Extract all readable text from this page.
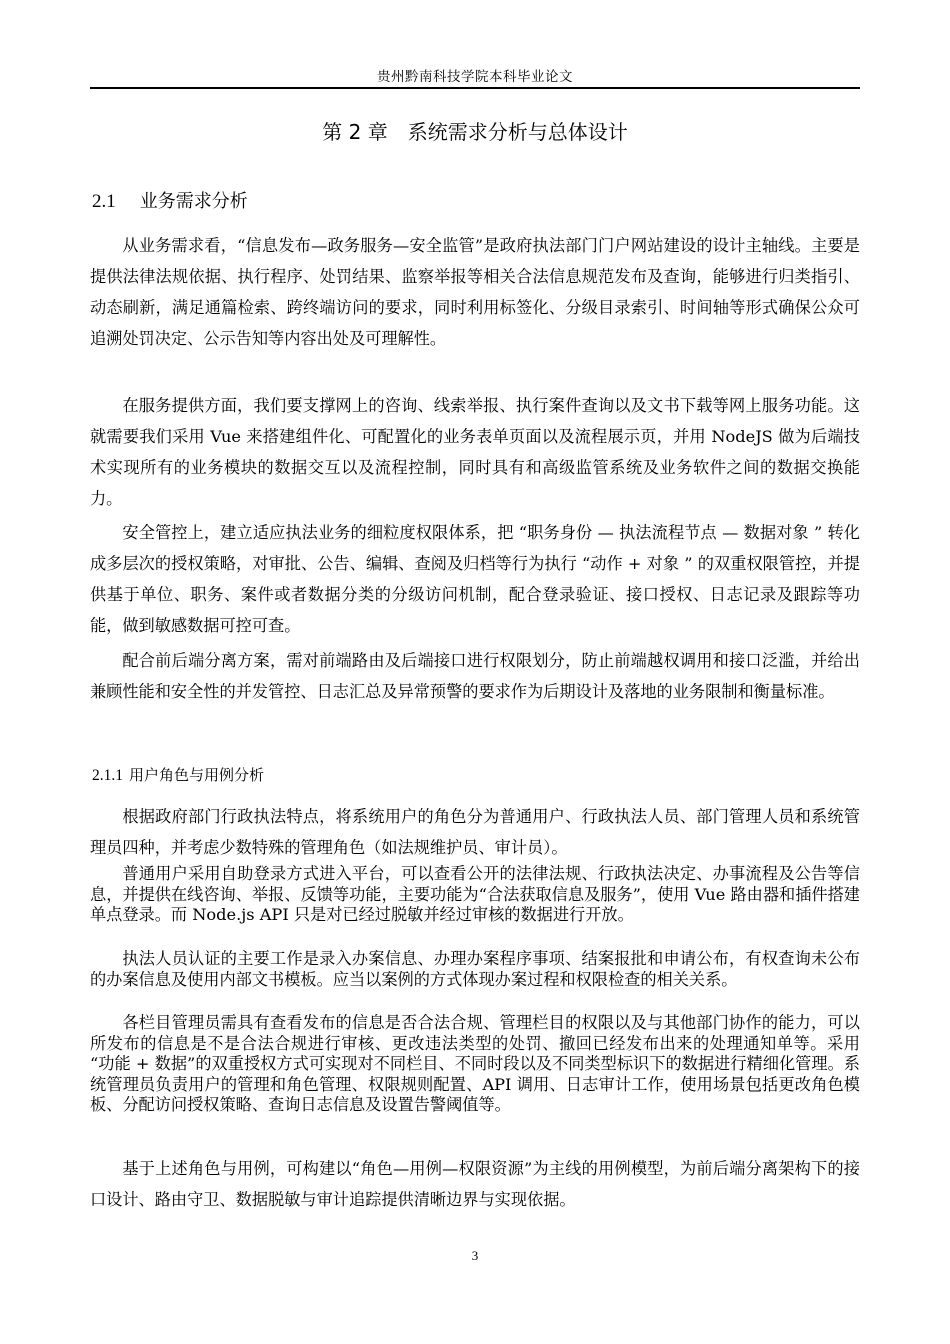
贵州黔南科技学院本科毕业论文
第 2 章　系统需求分析与总体设计
2.1 业务需求分析

从业务需求看，“信息发布—政务服务—安全监管”是政府执法部门门户网站建设的设计主轴线。主要是提供法律法规依据、执行程序、处罚结果、监察举报等相关合法信息规范发布及查询，能够进行归类指引、动态刷新，满足通篇检索、跨终端访问的要求，同时利用标签化、分级目录索引、时间轴等形式确保公众可追溯处罚决定、公示告知等内容出处及可理解性。

在服务提供方面，我们要支撑网上的咨询、线索举报、执行案件查询以及文书下载等网上服务功能。这就需要我们采用 Vue 来搭建组件化、可配置化的业务表单页面以及流程展示页，并用 NodeJS 做为后端技术实现所有的业务模块的数据交互以及流程控制，同时具有和高级监管系统及业务软件之间的数据交换能力。

安全管控上，建立适应执法业务的细粒度权限体系，把 “职务身份 — 执法流程节点 — 数据对象 ” 转化成多层次的授权策略，对审批、公告、编辑、查阅及归档等行为执行 “动作 + 对象 ” 的双重权限管控，并提供基于单位、职务、案件或者数据分类的分级访问机制，配合登录验证、接口授权、日志记录及跟踪等功能，做到敏感数据可控可查。

配合前后端分离方案，需对前端路由及后端接口进行权限划分，防止前端越权调用和接口泛滥，并给出兼顾性能和安全性的并发管控、日志汇总及异常预警的要求作为后期设计及落地的业务限制和衡量标准。

2.1.1 用户角色与用例分析

根据政府部门行政执法特点，将系统用户的角色分为普通用户、行政执法人员、部门管理人员和系统管理员四种，并考虑少数特殊的管理角色（如法规维护员、审计员）。

普通用户采用自助登录方式进入平台，可以查看公开的法律法规、行政执法决定、办事流程及公告等信息，并提供在线咨询、举报、反馈等功能，主要功能为“合法获取信息及服务”，使用 Vue 路由器和插件搭建单点登录。而 Node.js API 只是对已经过脱敏并经过审核的数据进行开放。

执法人员认证的主要工作是录入办案信息、办理办案程序事项、结案报批和申请公布，有权查询未公布的办案信息及使用内部文书模板。应当以案例的方式体现办案过程和权限检查的相关关系。

各栏目管理员需具有查看发布的信息是否合法合规、管理栏目的权限以及与其他部门协作的能力，可以所发布的信息是不是合法合规进行审核、更改违法类型的处罚、撤回已经发布出来的处理通知单等。采用 “功能 + 数据”的双重授权方式可实现对不同栏目、不同时段以及不同类型标识下的数据进行精细化管理。系统管理员负责用户的管理和角色管理、权限规则配置、API 调用、日志审计工作，使用场景包括更改角色模板、分配访问授权策略、查询日志信息及设置告警阈值等。

基于上述角色与用例，可构建以“角色—用例—权限资源”为主线的用例模型，为前后端分离架构下的接口设计、路由守卫、数据脱敏与审计追踪提供清晰边界与实现依据。

3
